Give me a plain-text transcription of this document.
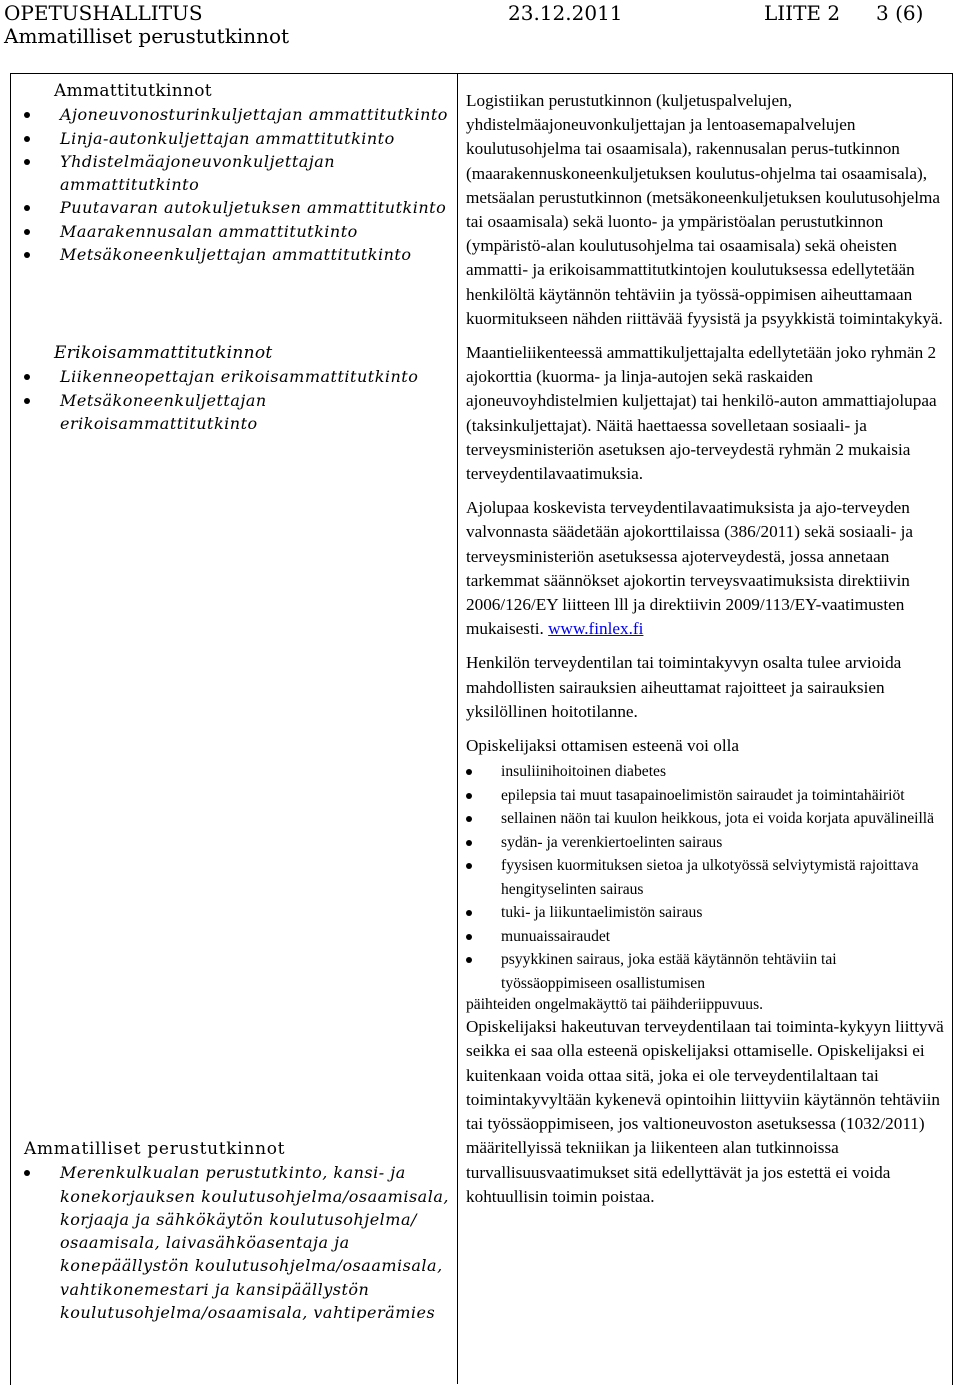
OPETUSHALLITUS
Ammatilliset perustutkinnot
23.12.2011	LIITE 2 3 (6)
Ammattitutkinnot
Ajoneuvonosturinkuljettajan ammattitutkinto
Linja-autonkuljettajan ammattitutkinto
Yhdistelmäajoneuvonkuljettajan ammattitutkinto
Puutavaran autokuljetuksen ammattitutkinto
Maarakennusalan ammattitutkinto
Metsäkoneenkuljettajan ammattitutkinto
Erikoisammattitutkinnot
Liikenneopettajan erikoisammattitutkinto
Metsäkoneenkuljettajan erikoisammattitutkinto
Ammatilliset perustutkinnot
Merenkulkualan perustutkinto, kansi- ja konekorjauksen koulutusohjelma/osaamisala, korjaaja ja sähkökäytön koulutusohjelma/ osaamisala, laivasähköasentaja ja konepäällystön koulutusohjelma/osaamisala, vahtikonemestari ja kansipäällystön koulutusohjelma/osaamisala, vahtiperämies

Logistiikan perustutkinnon (kuljetuspalvelujen, yhdistelmäajoneuvonkuljettajan ja lentoasemapalvelujen koulutusohjelma tai osaamisala), rakennusalan perus-tutkinnon (maarakennuskoneenkuljetuksen koulutus-ohjelma tai osaamisala), metsäalan perustutkinnon (metsäkoneenkuljetuksen koulutusohjelma tai osaamisala) sekä luonto- ja ympäristöalan perustutkinnon (ympäristö-alan koulutusohjelma tai osaamisala) sekä oheisten ammatti- ja erikoisammattitutkintojen koulutuksessa edellytetään henkilöltä käytännön tehtäviin ja työssä-oppimisen aiheuttamaan kuormitukseen nähden riittävää fyysistä ja psyykkistä toimintakykyä.

Maantieliikenteessä ammattikuljettajalta edellytetään joko ryhmän 2 ajokorttia (kuorma- ja linja-autojen sekä raskaiden ajoneuvoyhdistelmien kuljettajat) tai henkilö-auton ammattiajolupaa (taksinkuljettajat). Näitä haettaessa sovelletaan sosiaali- ja terveysministeriön asetuksen ajo-terveydestä ryhmän 2 mukaisia terveydentilavaatimuksia.

Ajolupaa koskevista terveydentilavaatimuksista ja ajo-terveyden valvonnasta säädetään ajokorttilaissa (386/2011) sekä sosiaali- ja terveysministeriön asetuksessa ajoterveydestä, jossa annetaan tarkemmat säännökset ajokortin terveysvaatimuksista direktiivin 2006/126/EY liitteen lll ja direktiivin 2009/113/EY-vaatimusten mukaisesti. www.finlex.fi

Henkilön terveydentilan tai toimintakyvyn osalta tulee arvioida mahdollisten sairauksien aiheuttamat rajoitteet ja sairauksien yksilöllinen hoitotilanne.

Opiskelijaksi ottamisen esteenä voi olla

insuliinihoitoinen diabetes
epilepsia tai muut tasapainoelimistön sairaudet ja toimintahäiriöt
sellainen näön tai kuulon heikkous, jota ei voida korjata apuvälineillä
sydän- ja verenkiertoelinten sairaus
fyysisen kuormituksen sietoa ja ulkotyössä selviytymistä rajoittava hengityselinten sairaus
tuki- ja liikuntaelimistön sairaus
munuaissairaudet
psyykkinen sairaus, joka estää käytännön tehtäviin tai työssäoppimiseen osallistumisen

päihteiden ongelmakäyttö tai päihderiippuvuus.

Opiskelijaksi hakeutuvan terveydentilaan tai toiminta-kykyyn liittyvä seikka ei saa olla esteenä opiskelijaksi ottamiselle. Opiskelijaksi ei kuitenkaan voida ottaa sitä, joka ei ole terveydentilaltaan tai toimintakyvyltään kykenevä opintoihin liittyviin käytännön tehtäviin tai työssäoppimiseen, jos valtioneuvoston asetuksessa (1032/2011) määritellyissä tekniikan ja liikenteen alan tutkinnoissa turvallisuusvaatimukset sitä edellyttävät ja jos estettä ei voida kohtuullisin toimin poistaa.
